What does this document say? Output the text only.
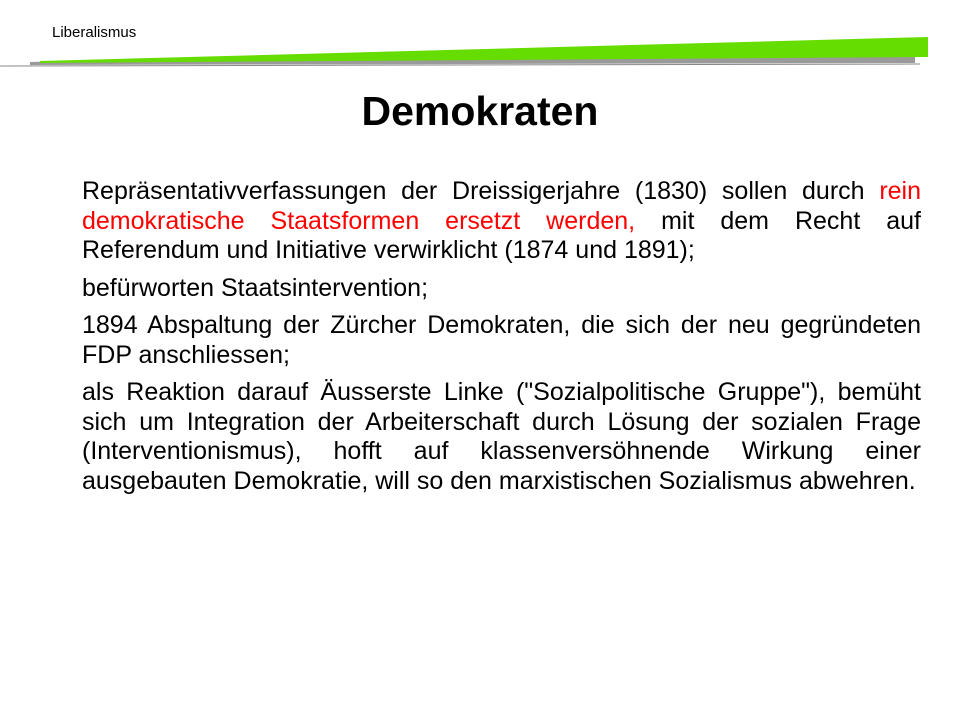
Liberalismus
Demokraten

Repräsentativverfassungen der Dreissigerjahre (1830) sollen durch rein demokratische Staatsformen ersetzt werden, mit dem Recht auf Referendum und Initiative verwirklicht (1874 und 1891);

befürworten Staatsintervention;

1894 Abspaltung der Zürcher Demokraten, die sich der neu gegründeten FDP anschliessen;

als Reaktion darauf Äusserste Linke ("Sozialpolitische Gruppe"), bemüht sich um Integration der Arbeiterschaft durch Lösung der sozialen Frage (Interventionismus), hofft auf klassenversöhnende Wirkung einer ausgebauten Demokratie, will so den marxistischen Sozialismus abwehren.
